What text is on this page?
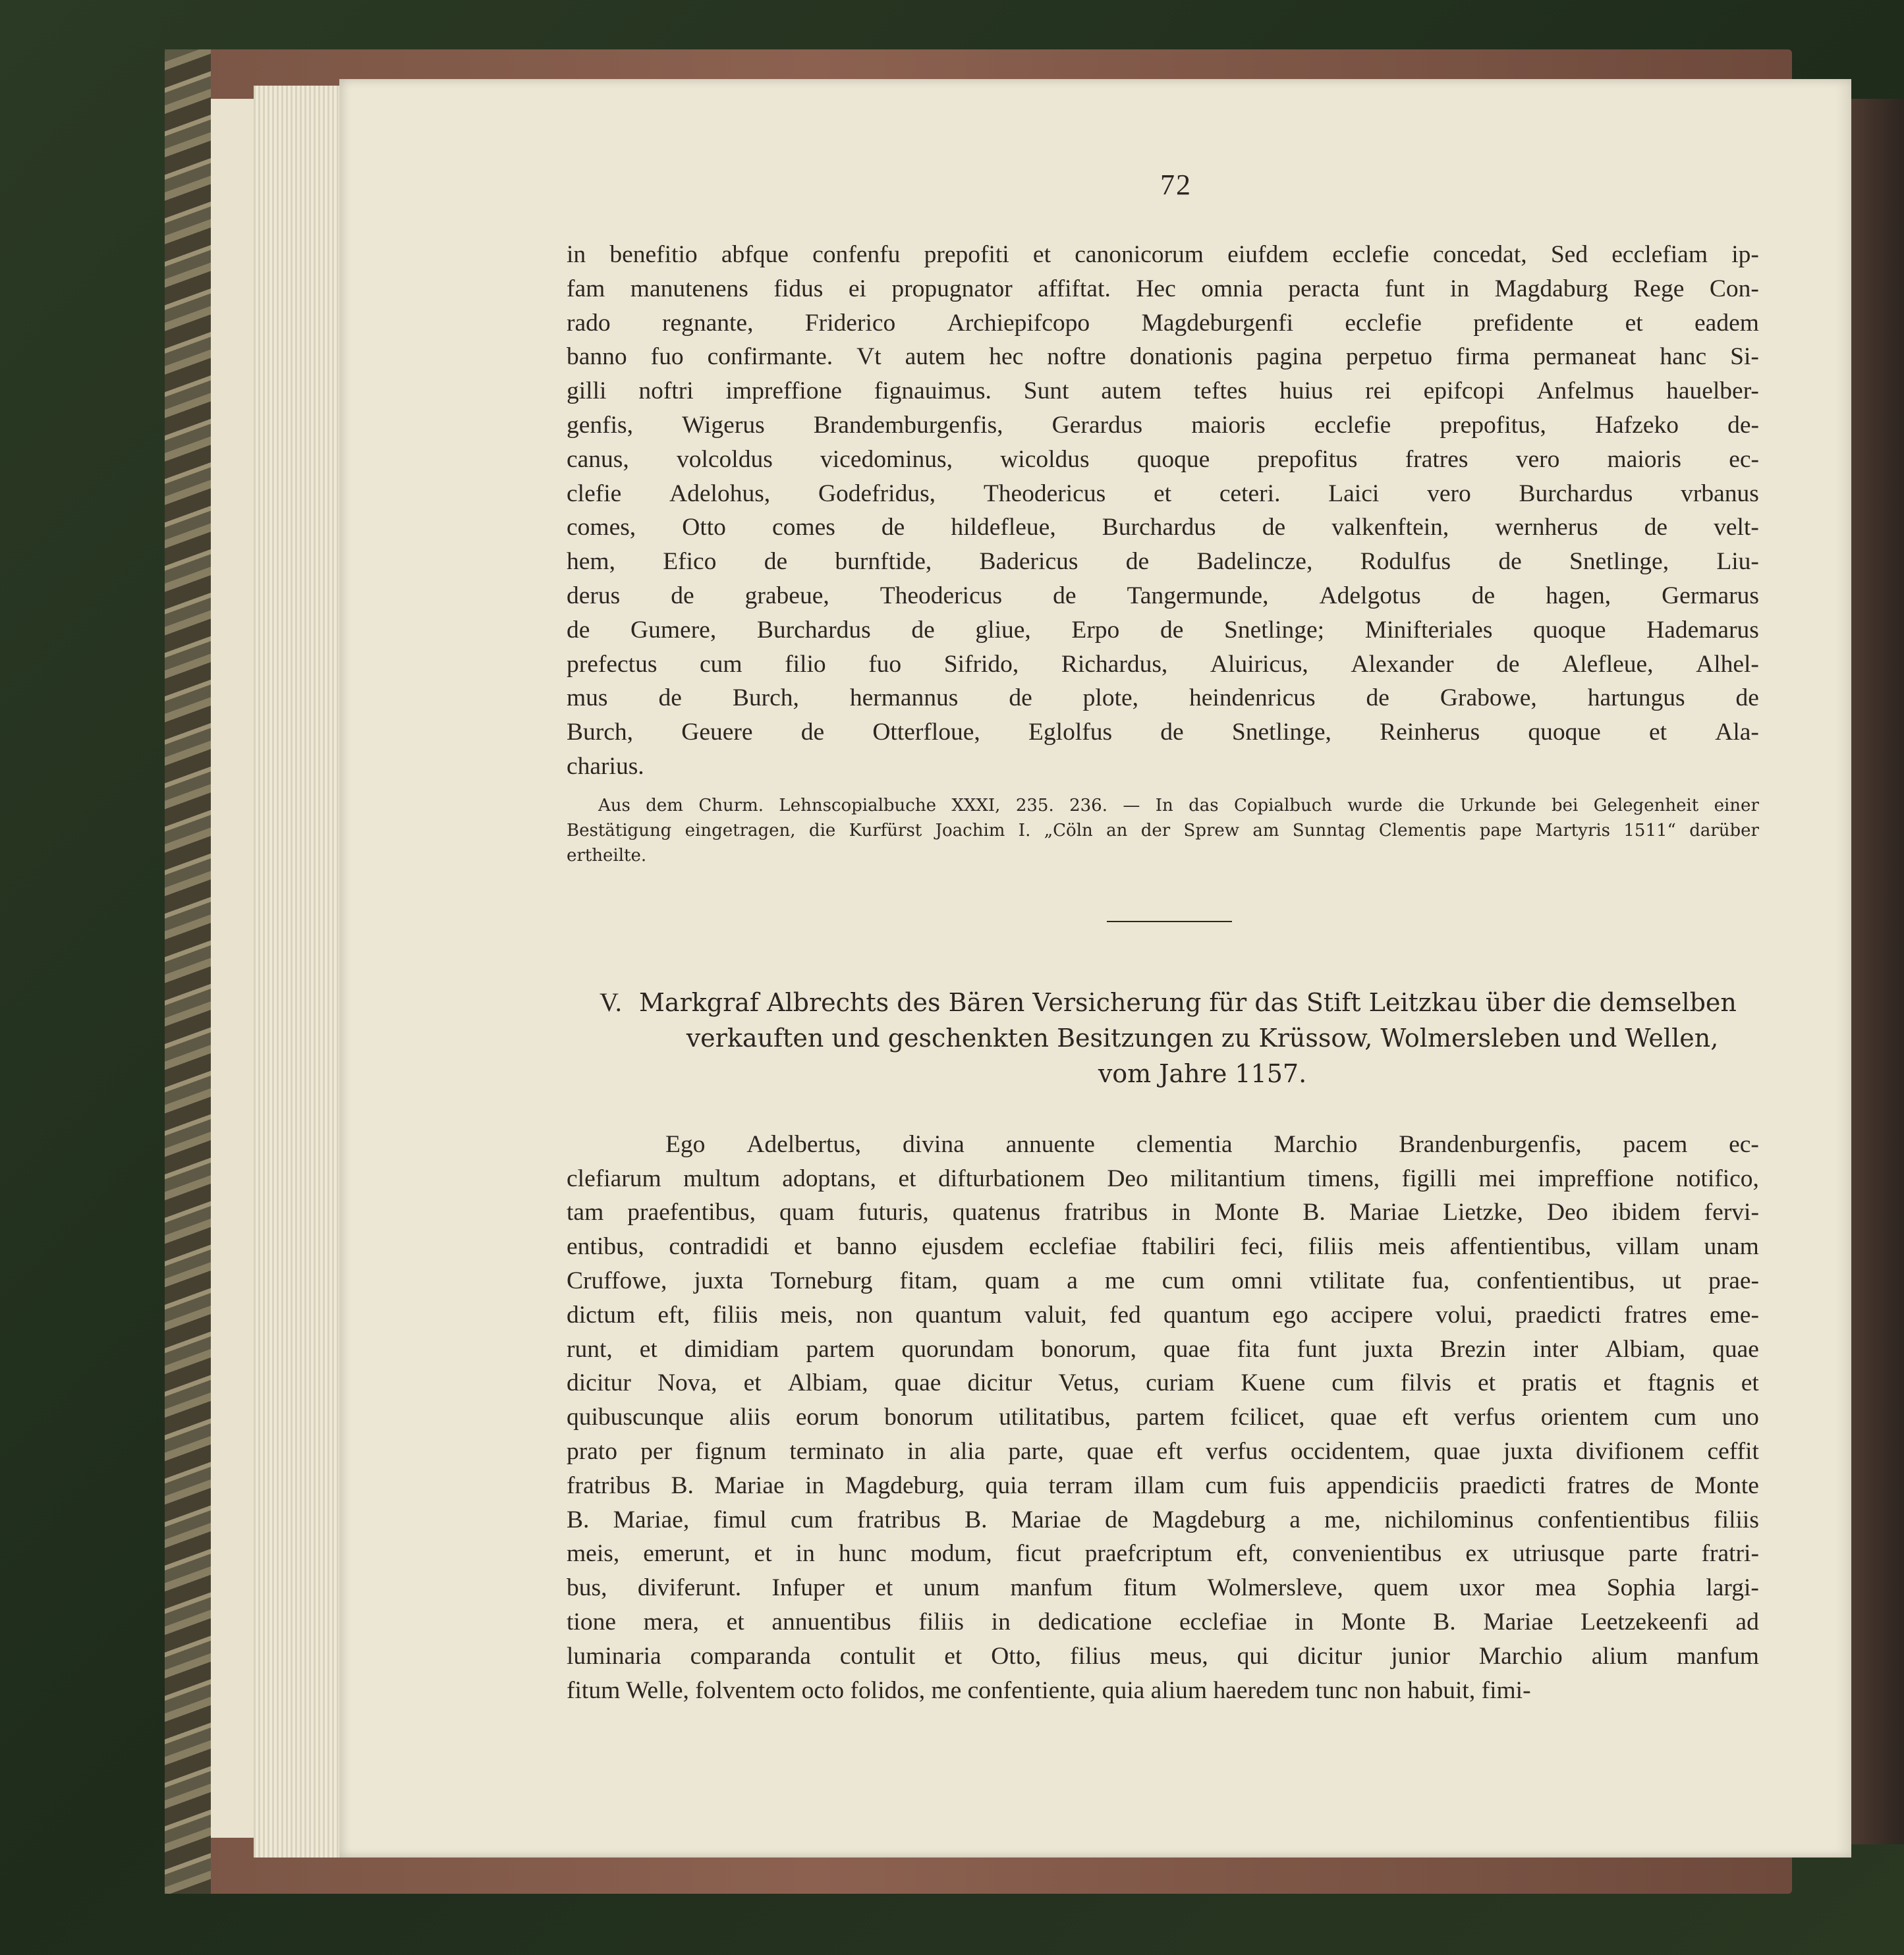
72
in benefitio abfque confenfu prepofiti et canonicorum eiufdem ecclefie concedat, Sed ecclefiam ip-
fam manutenens fidus ei propugnator affiftat. Hec omnia peracta funt in Magdaburg Rege Con-
rado regnante, Friderico Archiepifcopo Magdeburgenfi ecclefie prefidente et eadem
banno fuo confirmante. Vt autem hec noftre donationis pagina perpetuo firma permaneat hanc Si-
gilli noftri impreffione fignauimus. Sunt autem teftes huius rei epifcopi Anfelmus hauelber-
genfis, Wigerus Brandemburgenfis, Gerardus maioris ecclefie prepofitus, Hafzeko de-
canus, volcoldus vicedominus, wicoldus quoque prepofitus fratres vero maioris ec-
clefie Adelohus, Godefridus, Theodericus et ceteri. Laici vero Burchardus vrbanus
comes, Otto comes de hildefleue, Burchardus de valkenftein, wernherus de velt-
hem, Efico de burnftide, Badericus de Badelincze, Rodulfus de Snetlinge, Liu-
derus de grabeue, Theodericus de Tangermunde, Adelgotus de hagen, Germarus
de Gumere, Burchardus de gliue, Erpo de Snetlinge; Minifteriales quoque Hademarus
prefectus cum filio fuo Sifrido, Richardus, Aluiricus, Alexander de Alefleue, Alhel-
mus de Burch, hermannus de plote, heindenricus de Grabowe, hartungus de
Burch, Geuere de Otterfloue, Eglolfus de Snetlinge, Reinherus quoque et Ala-
charius.
Aus dem Churm. Lehnscopialbuche XXXI, 235. 236. — In das Copialbuch wurde die Urkunde bei Gelegenheit einer
Bestätigung eingetragen, die Kurfürst Joachim I. „Cöln an der Sprew am Sunntag Clementis pape Martyris 1511“ darüber
ertheilte.
V. Markgraf Albrechts des Bären Versicherung für das Stift Leitzkau über die demselben
verkauften und geschenkten Besitzungen zu Krüssow, Wolmersleben und Wellen,
vom Jahre 1157.
Ego Adelbertus, divina annuente clementia Marchio Brandenburgenfis, pacem ec-
clefiarum multum adoptans, et difturbationem Deo militantium timens, figilli mei impreffione notifico,
tam praefentibus, quam futuris, quatenus fratribus in Monte B. Mariae Lietzke, Deo ibidem fervi-
entibus, contradidi et banno ejusdem ecclefiae ftabiliri feci, filiis meis affentientibus, villam unam
Cruffowe, juxta Torneburg fitam, quam a me cum omni vtilitate fua, confentientibus, ut prae-
dictum eft, filiis meis, non quantum valuit, fed quantum ego accipere volui, praedicti fratres eme-
runt, et dimidiam partem quorundam bonorum, quae fita funt juxta Brezin inter Albiam, quae
dicitur Nova, et Albiam, quae dicitur Vetus, curiam Kuene cum filvis et pratis et ftagnis et
quibuscunque aliis eorum bonorum utilitatibus, partem fcilicet, quae eft verfus orientem cum uno
prato per fignum terminato in alia parte, quae eft verfus occidentem, quae juxta divifionem ceffit
fratribus B. Mariae in Magdeburg, quia terram illam cum fuis appendiciis praedicti fratres de Monte
B. Mariae, fimul cum fratribus B. Mariae de Magdeburg a me, nichilominus confentientibus filiis
meis, emerunt, et in hunc modum, ficut praefcriptum eft, convenientibus ex utriusque parte fratri-
bus, diviferunt. Infuper et unum manfum fitum Wolmersleve, quem uxor mea Sophia largi-
tione mera, et annuentibus filiis in dedicatione ecclefiae in Monte B. Mariae Leetzekeenfi ad
luminaria comparanda contulit et Otto, filius meus, qui dicitur junior Marchio alium manfum
fitum Welle, folventem octo folidos, me confentiente, quia alium haeredem tunc non habuit, fimi-
